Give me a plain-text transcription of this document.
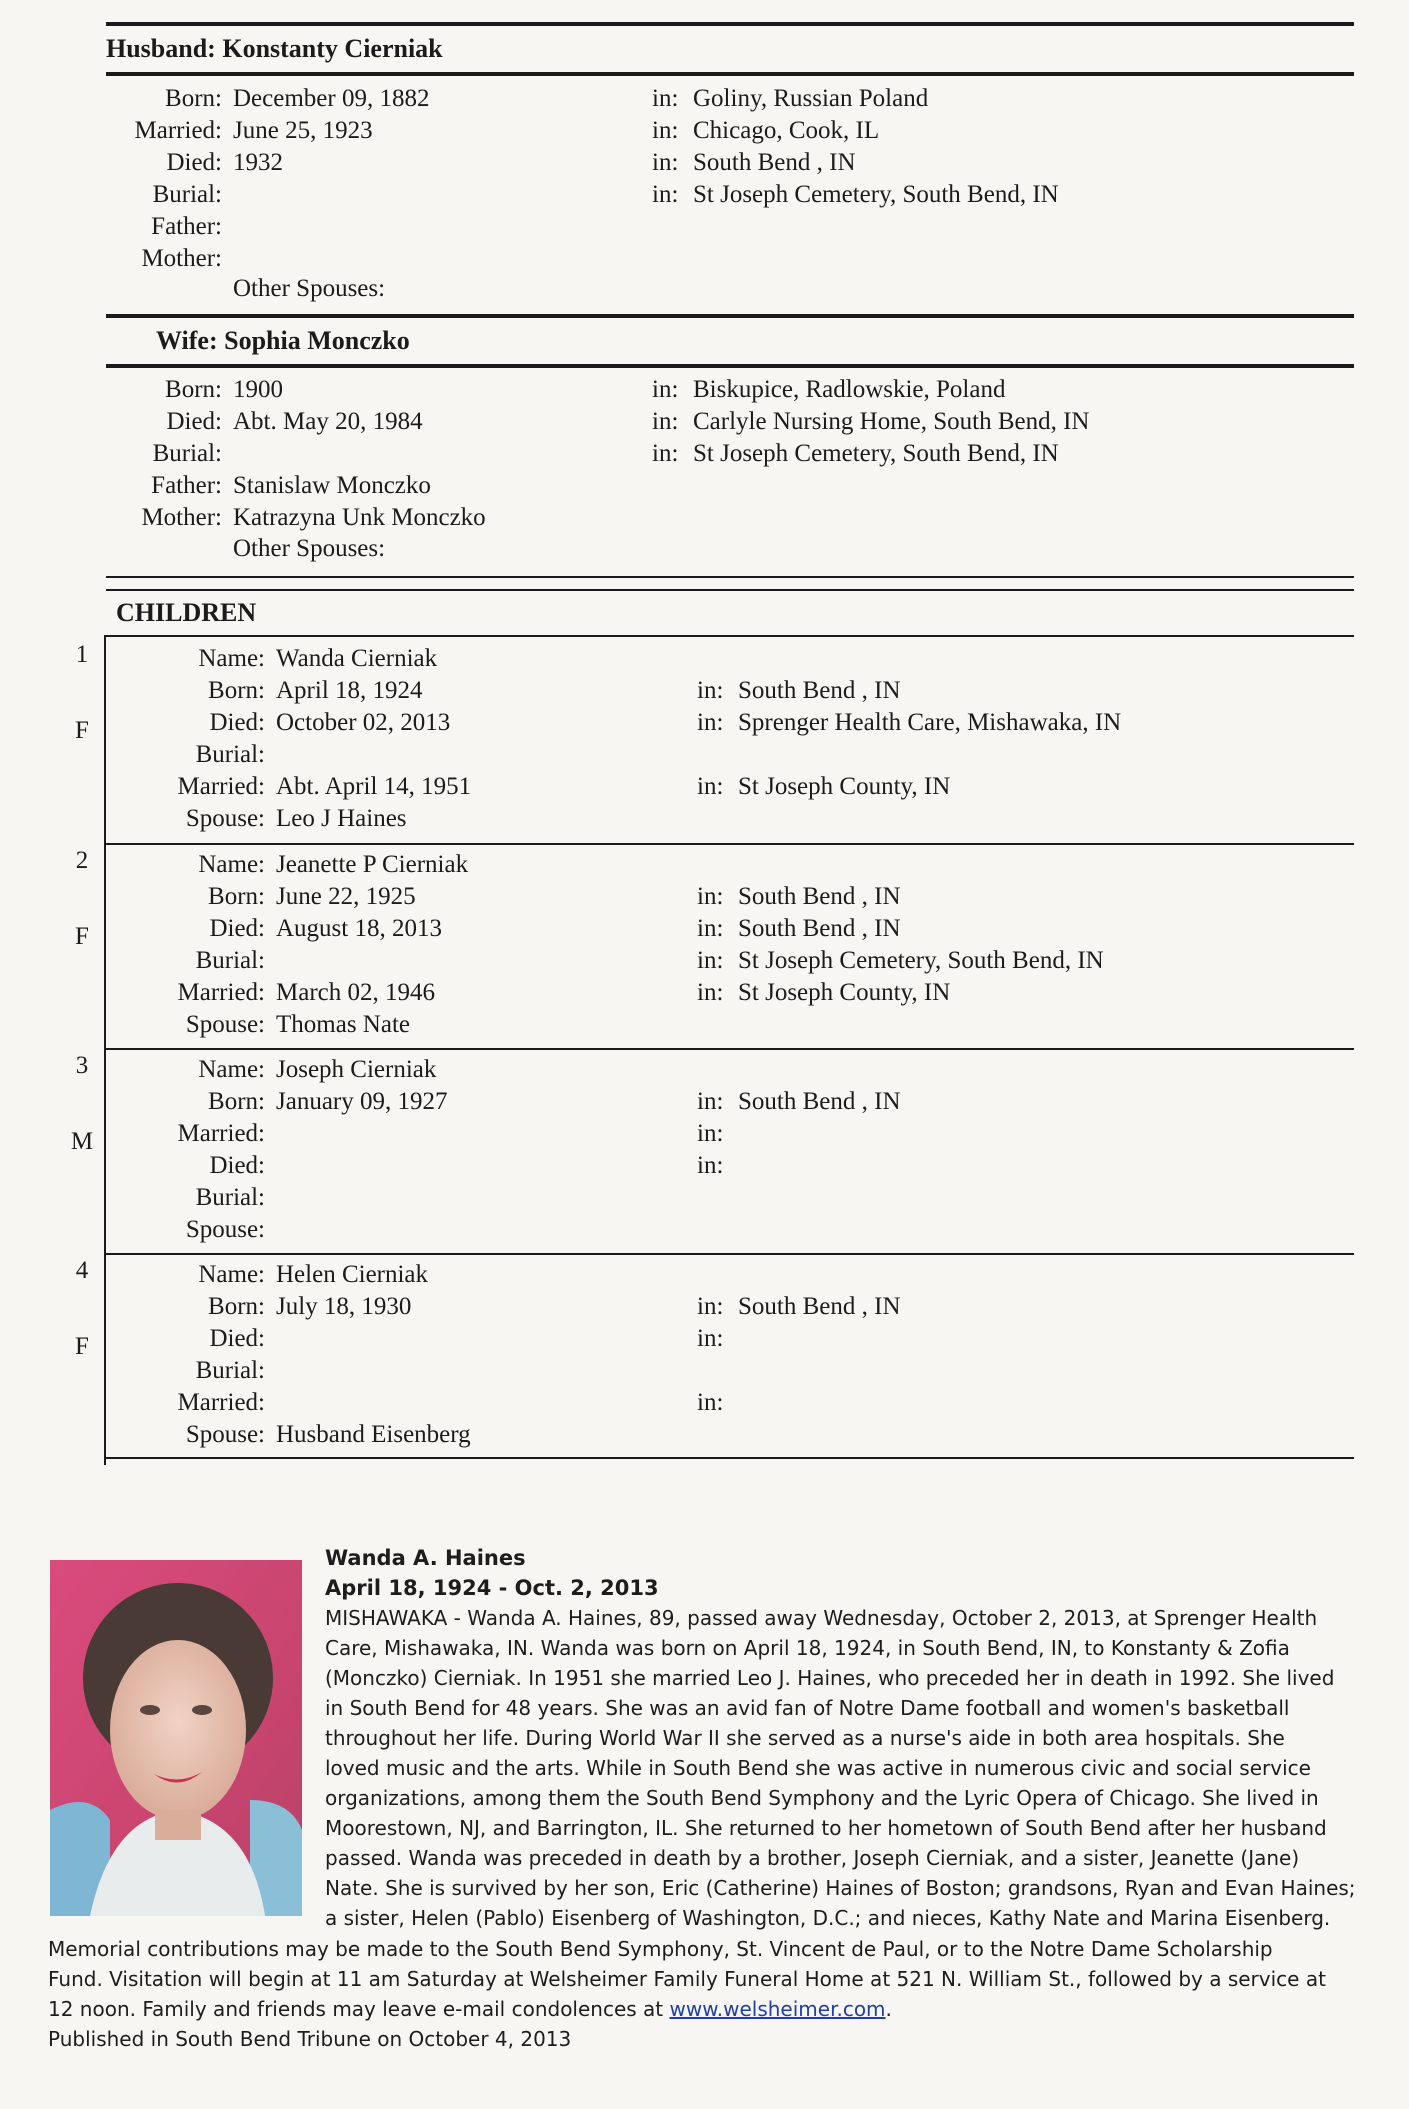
Husband: Konstanty Cierniak
Born: December 09, 1882	in: Goliny, Russian Poland
Married: June 25, 1923	in: Chicago, Cook, IL
Died: 1932	in: South Bend , IN
Burial:	in: St Joseph Cemetery, South Bend, IN
Father:
Mother:
Other Spouses:
Wife: Sophia Monczko
Born: 1900	in: Biskupice, Radlowskie, Poland
Died: Abt. May 20, 1984	in: Carlyle Nursing Home, South Bend, IN
Burial:	in: St Joseph Cemetery, South Bend, IN
Father: Stanislaw Monczko
Mother: Katrazyna Unk Monczko
Other Spouses:
CHILDREN
1
F
Name: Wanda Cierniak
Born: April 18, 1924	in: South Bend , IN
Died: October 02, 2013	in: Sprenger Health Care, Mishawaka, IN
Burial:
Married: Abt. April 14, 1951	in: St Joseph County, IN
Spouse: Leo J Haines
2
F
Name: Jeanette P Cierniak
Born: June 22, 1925	in: South Bend , IN
Died: August 18, 2013	in: South Bend , IN
Burial:	in: St Joseph Cemetery, South Bend, IN
Married: March 02, 1946	in: St Joseph County, IN
Spouse: Thomas Nate
3
M
Name: Joseph Cierniak
Born: January 09, 1927	in: South Bend , IN
Married:	in:
Died:	in:
Burial:
Spouse:
4
F
Name: Helen Cierniak
Born: July 18, 1930	in: South Bend , IN
Died:	in:
Burial:
Married:	in:
Spouse: Husband Eisenberg
Wanda A. Haines
April 18, 1924 - Oct. 2, 2013
MISHAWAKA - Wanda A. Haines, 89, passed away Wednesday, October 2, 2013, at Sprenger Health
Care, Mishawaka, IN. Wanda was born on April 18, 1924, in South Bend, IN, to Konstanty & Zofia
(Monczko) Cierniak. In 1951 she married Leo J. Haines, who preceded her in death in 1992. She lived
in South Bend for 48 years. She was an avid fan of Notre Dame football and women's basketball
throughout her life. During World War II she served as a nurse's aide in both area hospitals. She
loved music and the arts. While in South Bend she was active in numerous civic and social service
organizations, among them the South Bend Symphony and the Lyric Opera of Chicago. She lived in
Moorestown, NJ, and Barrington, IL. She returned to her hometown of South Bend after her husband
passed. Wanda was preceded in death by a brother, Joseph Cierniak, and a sister, Jeanette (Jane)
Nate. She is survived by her son, Eric (Catherine) Haines of Boston; grandsons, Ryan and Evan Haines;
a sister, Helen (Pablo) Eisenberg of Washington, D.C.; and nieces, Kathy Nate and Marina Eisenberg.
Memorial contributions may be made to the South Bend Symphony, St. Vincent de Paul, or to the Notre Dame Scholarship
Fund. Visitation will begin at 11 am Saturday at Welsheimer Family Funeral Home at 521 N. William St., followed by a service at
12 noon. Family and friends may leave e-mail condolences at www.welsheimer.com.
Published in South Bend Tribune on October 4, 2013
